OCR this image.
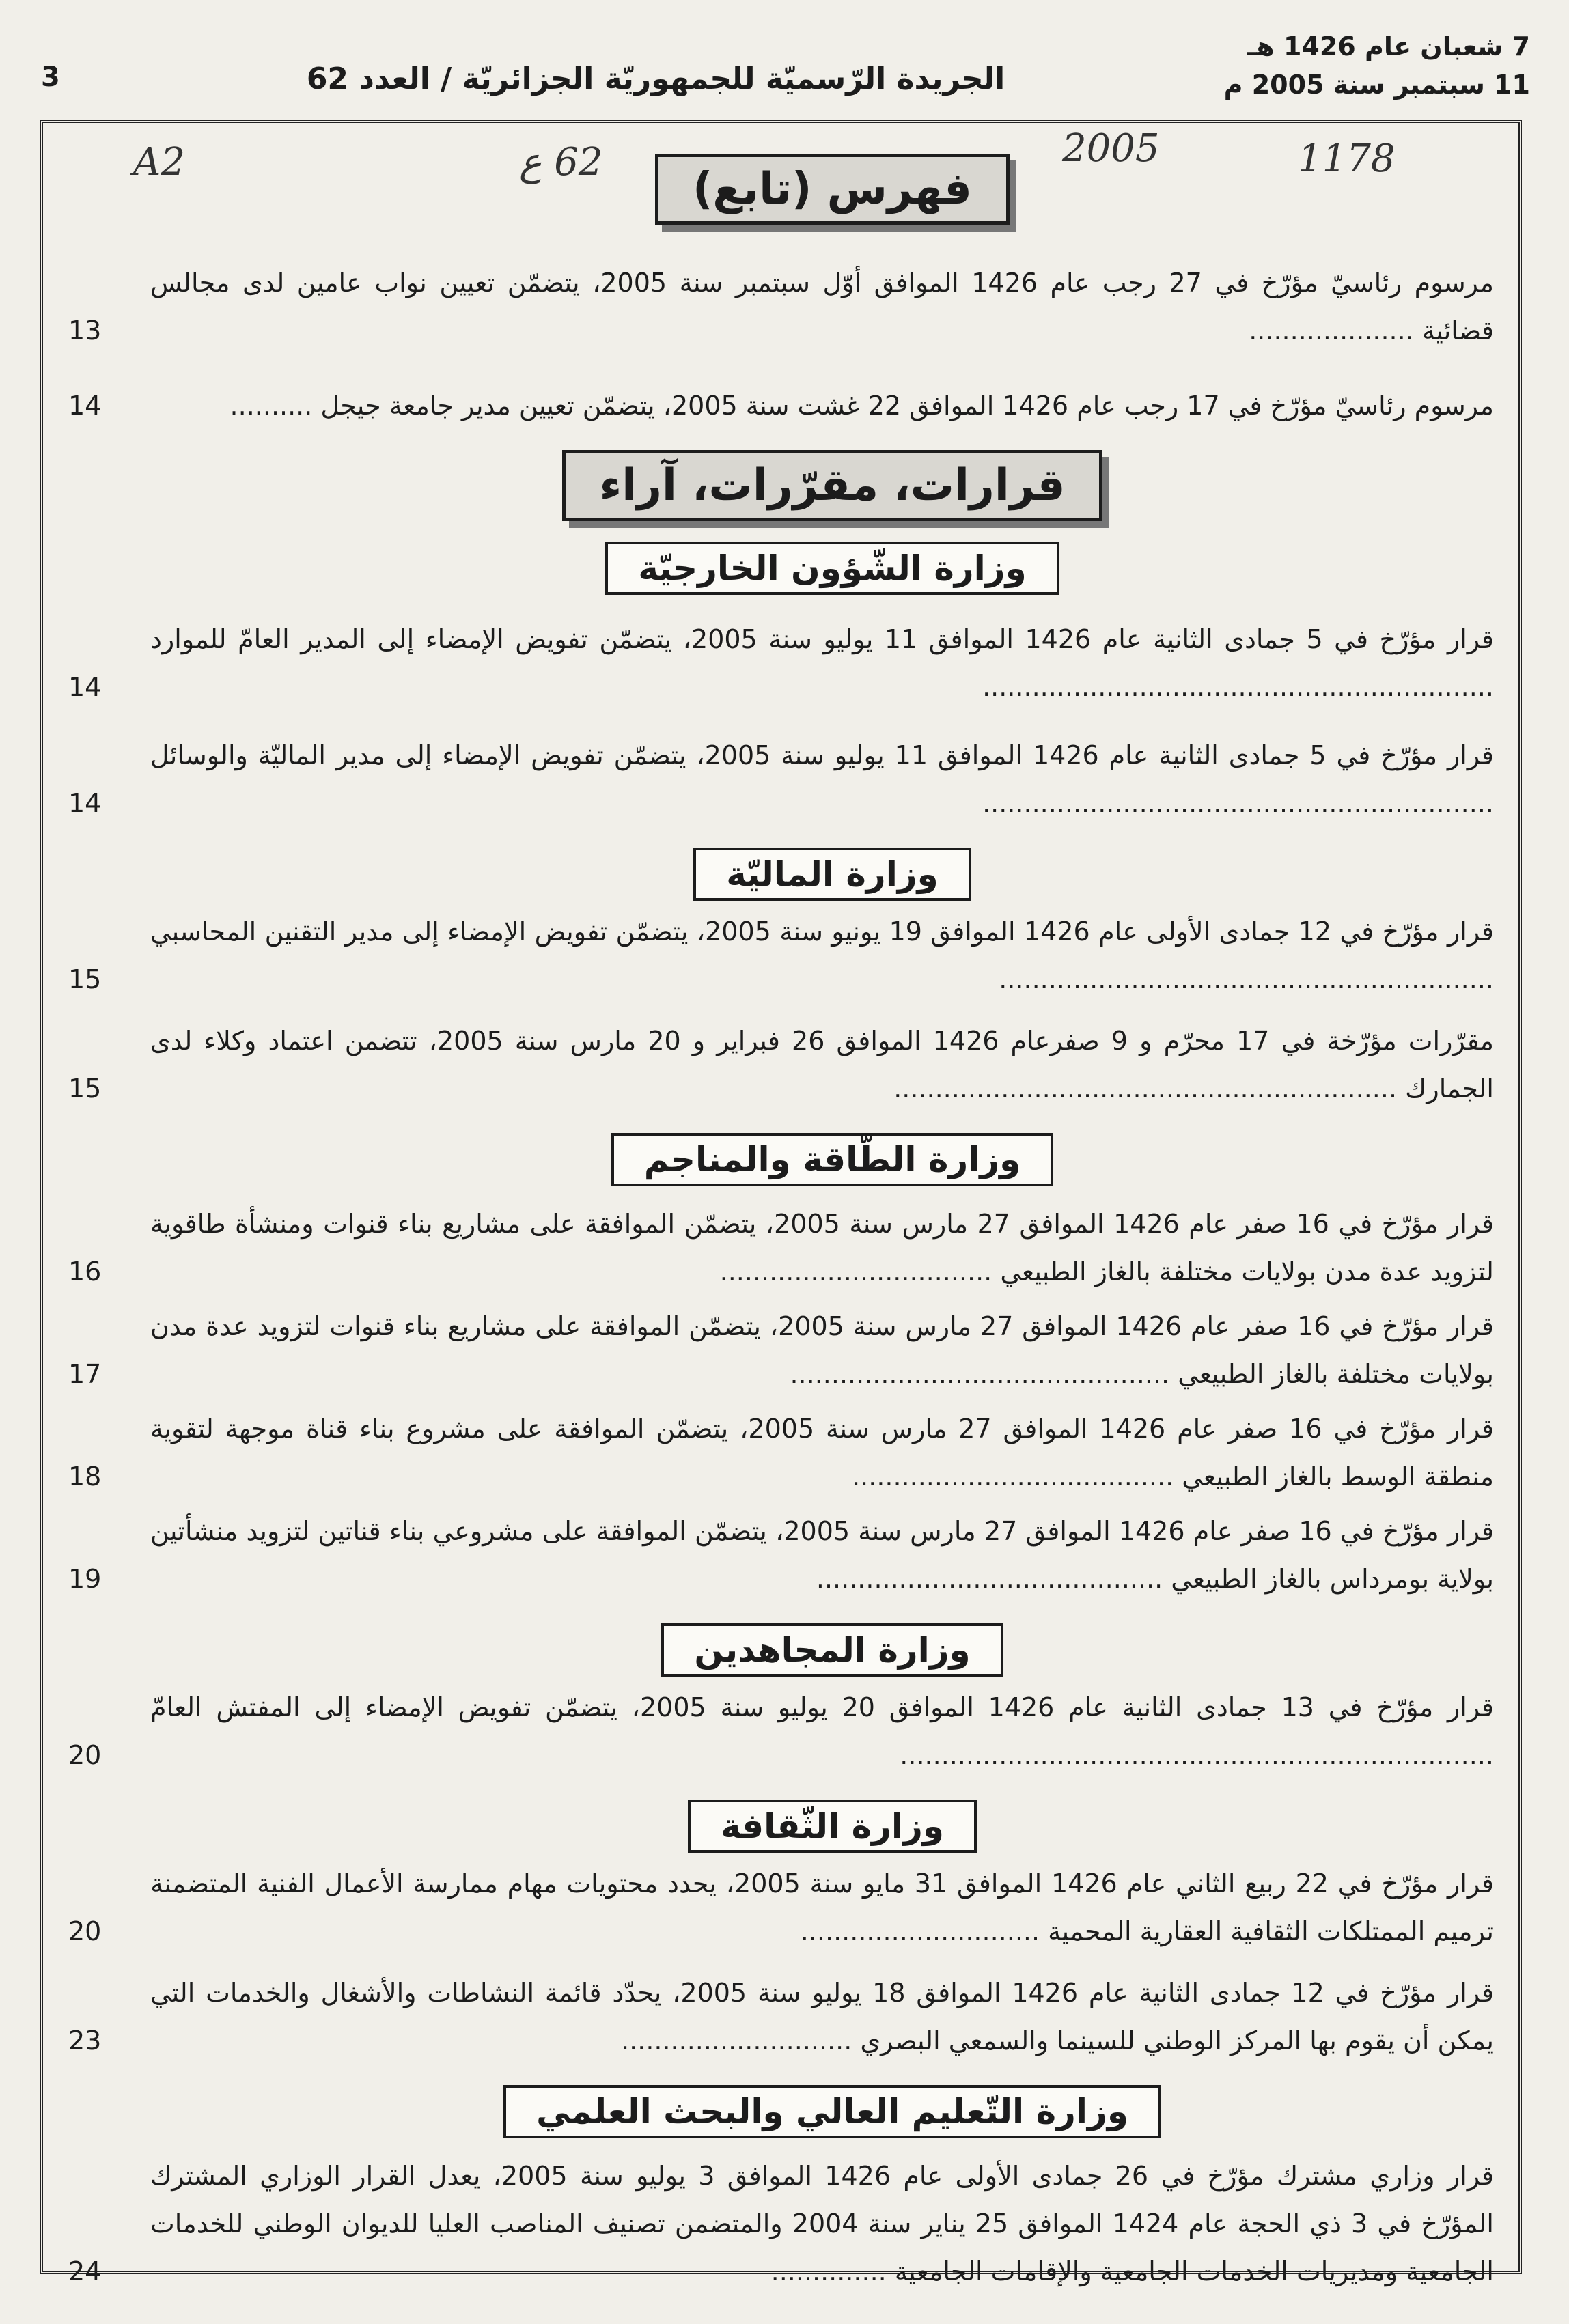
7 شعبان عام 1426 هـ
11 سبتمبر سنة 2005 م
الجريدة الرّسميّة للجمهوريّة الجزائريّة / العدد 62
3
A2	62 ع	2005	1178
فهرس (تابع)
مرسوم رئاسيّ مؤرّخ في 27 رجب عام 1426 الموافق أوّل سبتمبر سنة 2005، يتضمّن تعيين نواب عامين لدى مجالس قضائية ....................
13
مرسوم رئاسيّ مؤرّخ في 17 رجب عام 1426 الموافق 22 غشت سنة 2005، يتضمّن تعيين مدير جامعة جيجل ..........
14
قرارات، مقرّرات، آراء
وزارة الشّؤون الخارجيّة
قرار مؤرّخ في 5 جمادى الثانية عام 1426 الموافق 11 يوليو سنة 2005، يتضمّن تفويض الإمضاء إلى المدير العامّ للموارد ..............................................................
14
قرار مؤرّخ في 5 جمادى الثانية عام 1426 الموافق 11 يوليو سنة 2005، يتضمّن تفويض الإمضاء إلى مدير الماليّة والوسائل ..............................................................
14
وزارة الماليّة
قرار مؤرّخ في 12 جمادى الأولى عام 1426 الموافق 19 يونيو سنة 2005، يتضمّن تفويض الإمضاء إلى مدير التقنين المحاسبي ............................................................
15
مقرّرات مؤرّخة في 17 محرّم و 9 صفرعام 1426 الموافق 26 فبراير و 20 مارس سنة 2005، تتضمن اعتماد وكلاء لدى الجمارك .............................................................
15
وزارة الطّاقة والمناجم
قرار مؤرّخ في 16 صفر عام 1426 الموافق 27 مارس سنة 2005، يتضمّن الموافقة على مشاريع بناء قنوات ومنشأة طاقوية لتزويد عدة مدن بولايات مختلفة بالغاز الطبيعي .................................
16
قرار مؤرّخ في 16 صفر عام 1426 الموافق 27 مارس سنة 2005، يتضمّن الموافقة على مشاريع بناء قنوات لتزويد عدة مدن بولايات مختلفة بالغاز الطبيعي ..............................................
17
قرار مؤرّخ في 16 صفر عام 1426 الموافق 27 مارس سنة 2005، يتضمّن الموافقة على مشروع بناء قناة موجهة لتقوية منطقة الوسط بالغاز الطبيعي .......................................
18
قرار مؤرّخ في 16 صفر عام 1426 الموافق 27 مارس سنة 2005، يتضمّن الموافقة على مشروعي بناء قناتين لتزويد منشأتين بولاية بومرداس بالغاز الطبيعي ..........................................
19
وزارة المجاهدين
قرار مؤرّخ في 13 جمادى الثانية عام 1426 الموافق 20 يوليو سنة 2005، يتضمّن تفويض الإمضاء إلى المفتش العامّ ........................................................................
20
وزارة الثّقافة
قرار مؤرّخ في 22 ربيع الثاني عام 1426 الموافق 31 مايو سنة 2005، يحدد محتويات مهام ممارسة الأعمال الفنية المتضمنة ترميم الممتلكات الثقافية العقارية المحمية .............................
20
قرار مؤرّخ في 12 جمادى الثانية عام 1426 الموافق 18 يوليو سنة 2005، يحدّد قائمة النشاطات والأشغال والخدمات التي يمكن أن يقوم بها المركز الوطني للسينما والسمعي البصري ............................
23
وزارة التّعليم العالي والبحث العلمي
قرار وزاري مشترك مؤرّخ في 26 جمادى الأولى عام 1426 الموافق 3 يوليو سنة 2005، يعدل القرار الوزاري المشترك المؤرّخ في 3 ذي الحجة عام 1424 الموافق 25 يناير سنة 2004 والمتضمن تصنيف المناصب العليا للديوان الوطني للخدمات الجامعية ومديريات الخدمات الجامعية والإقامات الجامعية ..............
24
